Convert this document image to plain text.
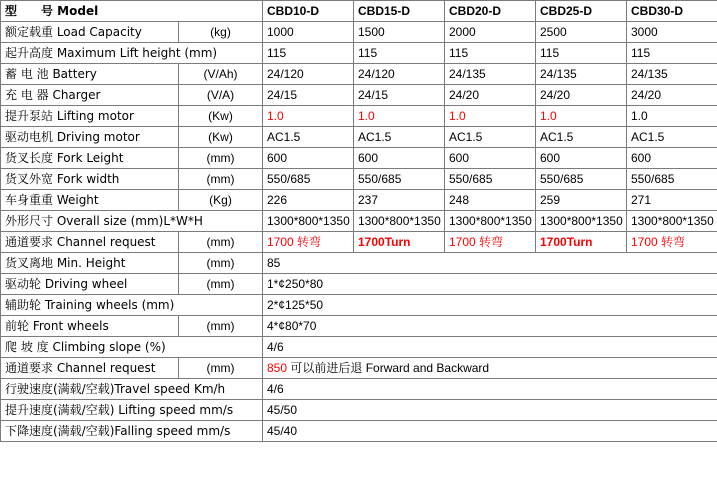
型　　号 Model		CBD10-D	CBD15-D	CBD20-D	CBD25-D	CBD30-D
额定载重 Load Capacity	(kg)	1000	1500	2000	2500	3000
起升高度 Maximum Lift height (mm)		115	115	115	115	115
蓄 电 池 Battery	(V/Ah)	24/120	24/120	24/135	24/135	24/135
充 电 器 Charger	(V/A)	24/15	24/15	24/20	24/20	24/20
提升泵站 Lifting motor	(Kw)	1.0	1.0	1.0	1.0	1.0
驱动电机 Driving motor	(Kw)	AC1.5	AC1.5	AC1.5	AC1.5	AC1.5
货叉长度 Fork Leight	(mm)	600	600	600	600	600
货叉外宽 Fork width	(mm)	550/685	550/685	550/685	550/685	550/685
车身重重 Weight	(Kg)	226	237	248	259	271
外形尺寸 Overall size (mm)L*W*H		1300*800*1350	1300*800*1350	1300*800*1350	1300*800*1350	1300*800*1350
通道要求 Channel request	(mm)	1700 转弯	1700Turn	1700 转弯	1700Turn	1700 转弯
货叉离地 Min. Height	(mm)	85				
驱动轮 Driving wheel	(mm)	1*¢250*80				
辅助轮 Training wheels (mm)		2*¢125*50				
前轮 Front wheels	(mm)	4*¢80*70				
爬 坡 度 Climbing slope (%)		4/6				
通道要求 Channel request	(mm)	850 可以前进后退 Forward and Backward				
行驶速度(满载/空载)Travel speed Km/h		4/6				
提升速度(满载/空载) Lifting speed mm/s		45/50				
下降速度(满载/空载)Falling speed mm/s		45/40				
